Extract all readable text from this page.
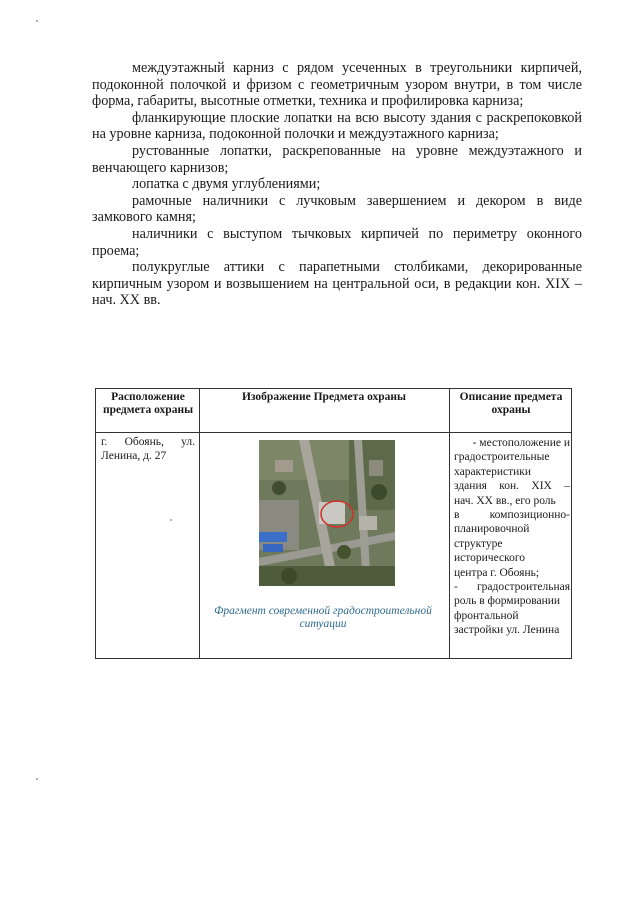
междуэтажный карниз с рядом усеченных в треугольники кирпичей, подоконной полочкой и фризом с геометричным узором внутри, в том числе форма, габариты, высотные отметки, техника и профилировка карниза;

фланкирующие плоские лопатки на всю высоту здания с раскрепоковкой на уровне карниза, подоконной полочки и междуэтажного карниза;

рустованные лопатки, раскрепованные на уровне междуэтажного и венчающего карнизов;

лопатка с двумя углублениями;

рамочные наличники с лучковым завершением и декором в виде замкового камня;

наличники с выступом тычковых кирпичей по периметру оконного проема;

полукруглые аттики с парапетными столбиками, декорированные кирпичным узором и возвышением на центральной оси, в редакции кон. XIX – нач. XX вв.

Расположение предмета охраны
Изображение Предмета охраны	Описание предмета охраны
г. Обоянь, ул. Ленина, д. 27
Фрагмент современной градостроительной ситуации
- местоположение и
градостроительные
характеристики
здания кон. XIX –
нач. XX вв., его роль
в композиционно-
планировочной
структуре
исторического
центра г. Обоянь;
- градостроительная
роль в формировании
фронтальной
застройки ул. Ленина
